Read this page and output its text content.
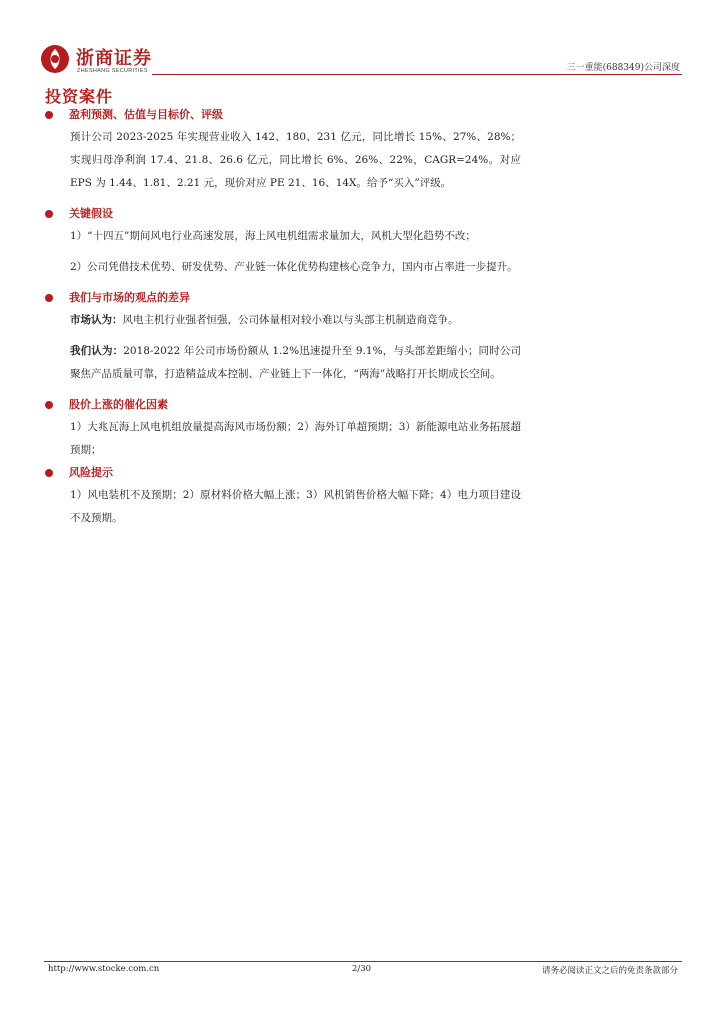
浙商证券
ZHESHANG SECURITIES	三一重能(688349)公司深度
投资案件
盈利预测、估值与目标价、评级
预计公司 2023-2025 年实现营业收入 142、180、231 亿元，同比增长 15%、27%、28%；实现归母净利润 17.4、21.8、26.6 亿元，同比增长 6%、26%、22%，CAGR=24%。对应 EPS 为 1.44、1.81、2.21 元，现价对应 PE 21、16、14X。给予“买入”评级。
关键假设
1）“十四五”期间风电行业高速发展，海上风电机组需求量加大，风机大型化趋势不改；
2）公司凭借技术优势、研发优势、产业链一体化优势构建核心竞争力，国内市占率进一步提升。
我们与市场的观点的差异
市场认为：风电主机行业强者恒强，公司体量相对较小难以与头部主机制造商竞争。
我们认为：2018-2022 年公司市场份额从 1.2%迅速提升至 9.1%，与头部差距缩小；同时公司聚焦产品质量可靠，打造精益成本控制、产业链上下一体化，“两海”战略打开长期成长空间。
股价上涨的催化因素
1）大兆瓦海上风电机组放量提高海风市场份额；2）海外订单超预期；3）新能源电站业务拓展超预期；
风险提示
1）风电装机不及预期；2）原材料价格大幅上涨；3）风机销售价格大幅下降；4）电力项目建设不及预期。
http://www.stocke.com.cn	2/30	请务必阅读正文之后的免责条款部分
